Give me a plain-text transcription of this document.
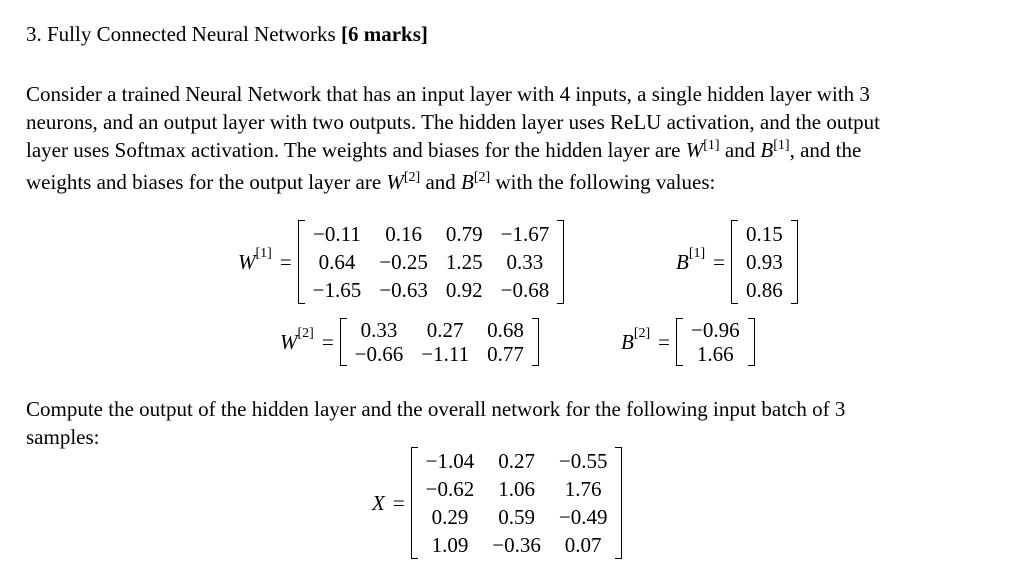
3. Fully Connected Neural Networks [6 marks]
Consider a trained Neural Network that has an input layer with 4 inputs, a single hidden layer with 3
neurons, and an output layer with two outputs. The hidden layer uses ReLU activation, and the output
layer uses Softmax activation. The weights and biases for the hidden layer are W[1] and B[1], and the
weights and biases for the output layer are W[2] and B[2] with the following values:
W [1] =
−0.11	0.16	0.79 −1.67
0.64	−0.25 1.25	0.33
−1.65 −0.63 0.92 −0.68
B [1] =
0.15
0.93
0.86
W [2] =	0.33	0.27	0.68
−0.66 −1.11 0.77	B [2] =	−0.96
1.66
Compute the output of the hidden layer and the overall network for the following input batch of 3
samples:
X =
−1.04	0.27	−0.55
−0.62	1.06	1.76
0.29	0.59	−0.49
1.09	−0.36	0.07
